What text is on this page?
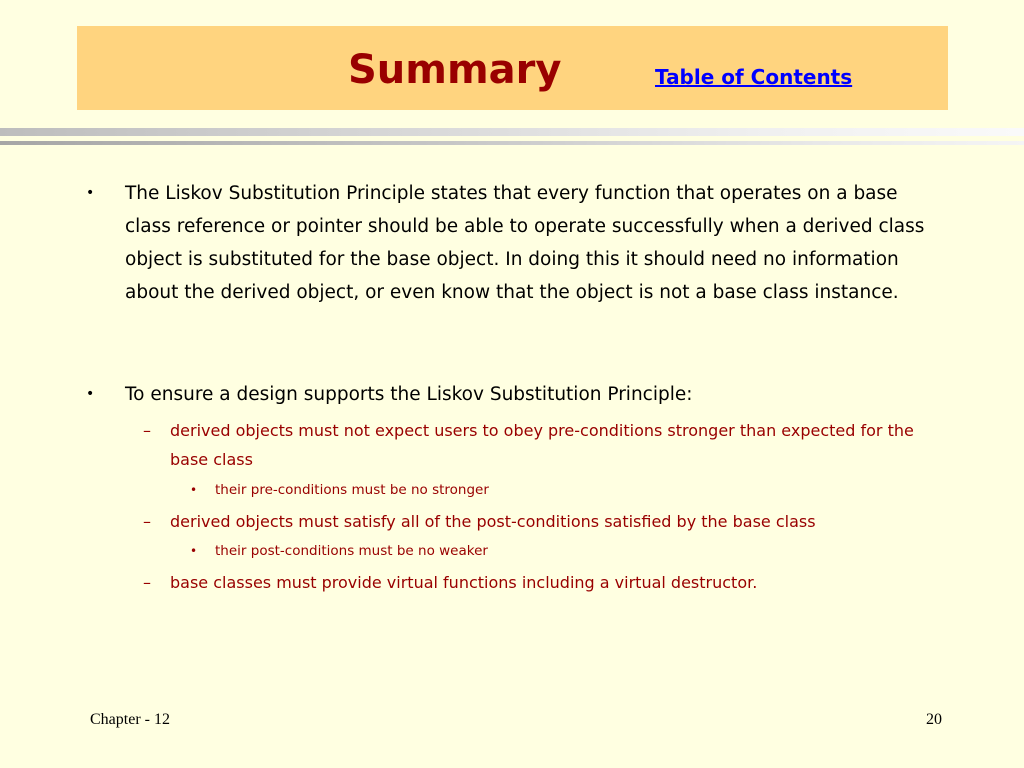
Summary	Table of Contents
• The Liskov Substitution Principle states that every function that operates on a base class reference or pointer should be able to operate successfully when a derived class object is substituted for the base object. In doing this it should need no information about the derived object, or even know that the object is not a base class instance.
• To ensure a design supports the Liskov Substitution Principle:
– derived objects must not expect users to obey pre-conditions stronger than expected for the base class
• their pre-conditions must be no stronger
– derived objects must satisfy all of the post-conditions satisfied by the base class
• their post-conditions must be no weaker
– base classes must provide virtual functions including a virtual destructor.
Chapter - 12	20
